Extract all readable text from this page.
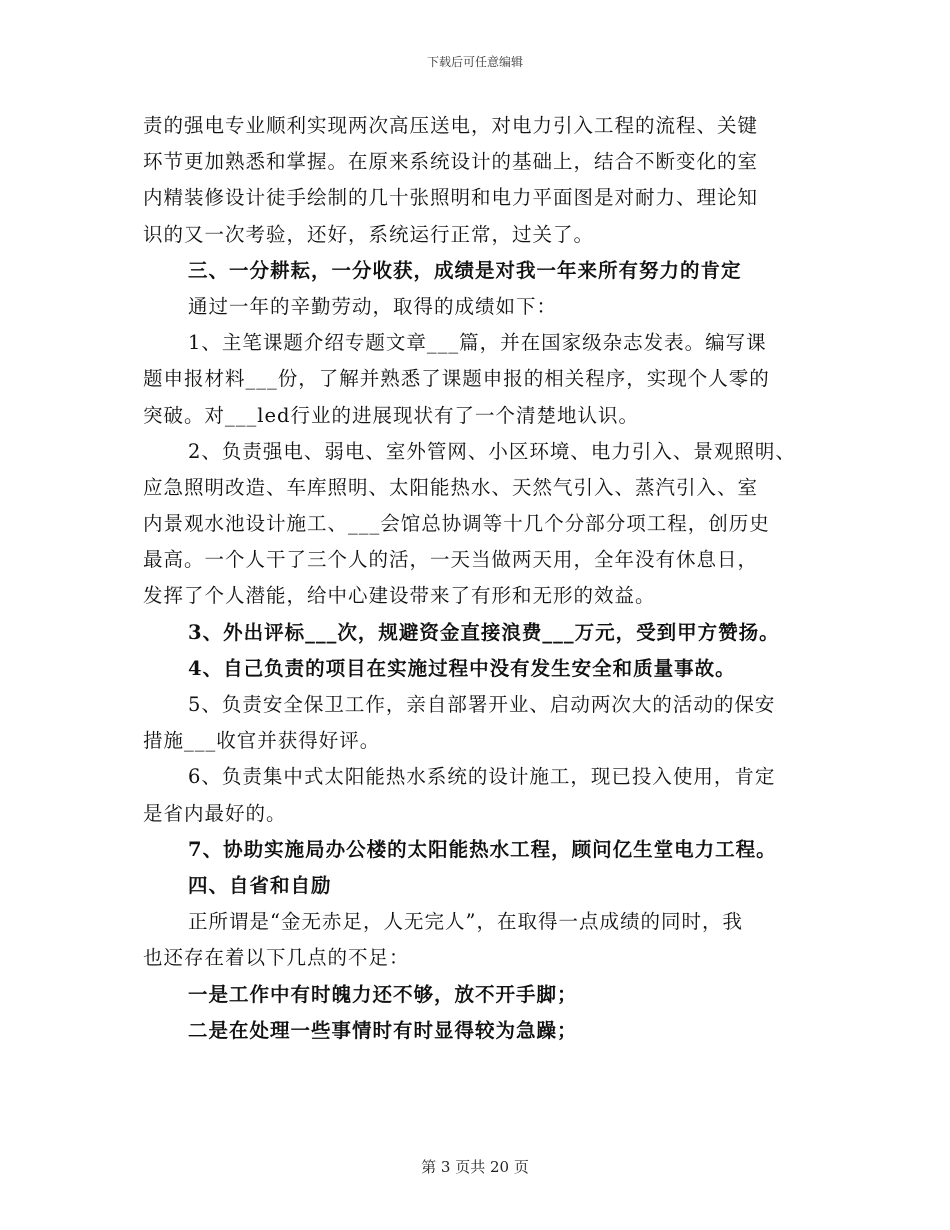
下载后可任意编辑
责的强电专业顺利实现两次高压送电，对电力引入工程的流程、关键
环节更加熟悉和掌握。在原来系统设计的基础上，结合不断变化的室
内精装修设计徒手绘制的几十张照明和电力平面图是对耐力、理论知
识的又一次考验，还好，系统运行正常，过关了。
三、一分耕耘，一分收获，成绩是对我一年来所有努力的肯定
通过一年的辛勤劳动，取得的成绩如下：
1、主笔课题介绍专题文章___篇，并在国家级杂志发表。编写课
题申报材料___份，了解并熟悉了课题申报的相关程序，实现个人零的
突破。对___led行业的进展现状有了一个清楚地认识。
2、负责强电、弱电、室外管网、小区环境、电力引入、景观照明、
应急照明改造、车库照明、太阳能热水、天然气引入、蒸汽引入、室
内景观水池设计施工、___会馆总协调等十几个分部分项工程，创历史
最高。一个人干了三个人的活，一天当做两天用，全年没有休息日，
发挥了个人潜能，给中心建设带来了有形和无形的效益。
3、外出评标___次，规避资金直接浪费___万元，受到甲方赞扬。
4、自己负责的项目在实施过程中没有发生安全和质量事故。
5、负责安全保卫工作，亲自部署开业、启动两次大的活动的保安
措施___收官并获得好评。
6、负责集中式太阳能热水系统的设计施工，现已投入使用，肯定
是省内最好的。
7、协助实施局办公楼的太阳能热水工程，顾问亿生堂电力工程。
四、自省和自励
正所谓是“金无赤足，人无完人”，在取得一点成绩的同时，我
也还存在着以下几点的不足：
一是工作中有时魄力还不够，放不开手脚；
二是在处理一些事情时有时显得较为急躁；
第 3 页共 20 页
